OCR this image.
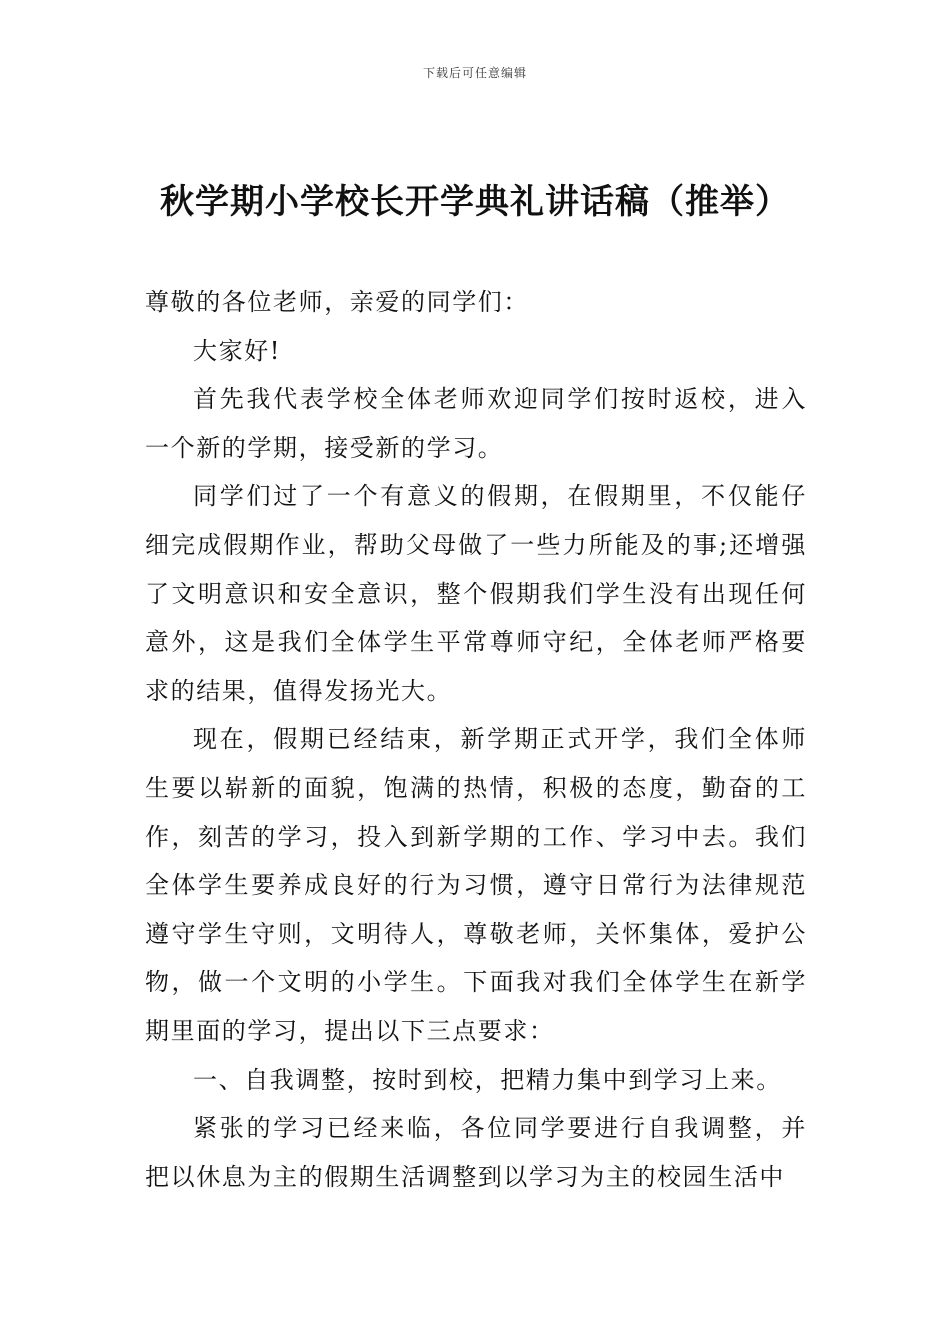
下载后可任意编辑
秋学期小学校长开学典礼讲话稿（推举）

尊敬的各位老师，亲爱的同学们：

大家好!

首先我代表学校全体老师欢迎同学们按时返校，进入一个新的学期，接受新的学习。

同学们过了一个有意义的假期，在假期里，不仅能仔细完成假期作业，帮助父母做了一些力所能及的事;还增强了文明意识和安全意识，整个假期我们学生没有出现任何意外，这是我们全体学生平常尊师守纪，全体老师严格要求的结果，值得发扬光大。

现在，假期已经结束，新学期正式开学，我们全体师生要以崭新的面貌，饱满的热情，积极的态度，勤奋的工作，刻苦的学习，投入到新学期的工作、学习中去。我们全体学生要养成良好的行为习惯，遵守日常行为法律规范遵守学生守则，文明待人，尊敬老师，关怀集体，爱护公物，做一个文明的小学生。下面我对我们全体学生在新学期里面的学习，提出以下三点要求：

一、自我调整，按时到校，把精力集中到学习上来。

紧张的学习已经来临，各位同学要进行自我调整，并把以休息为主的假期生活调整到以学习为主的校园生活中
